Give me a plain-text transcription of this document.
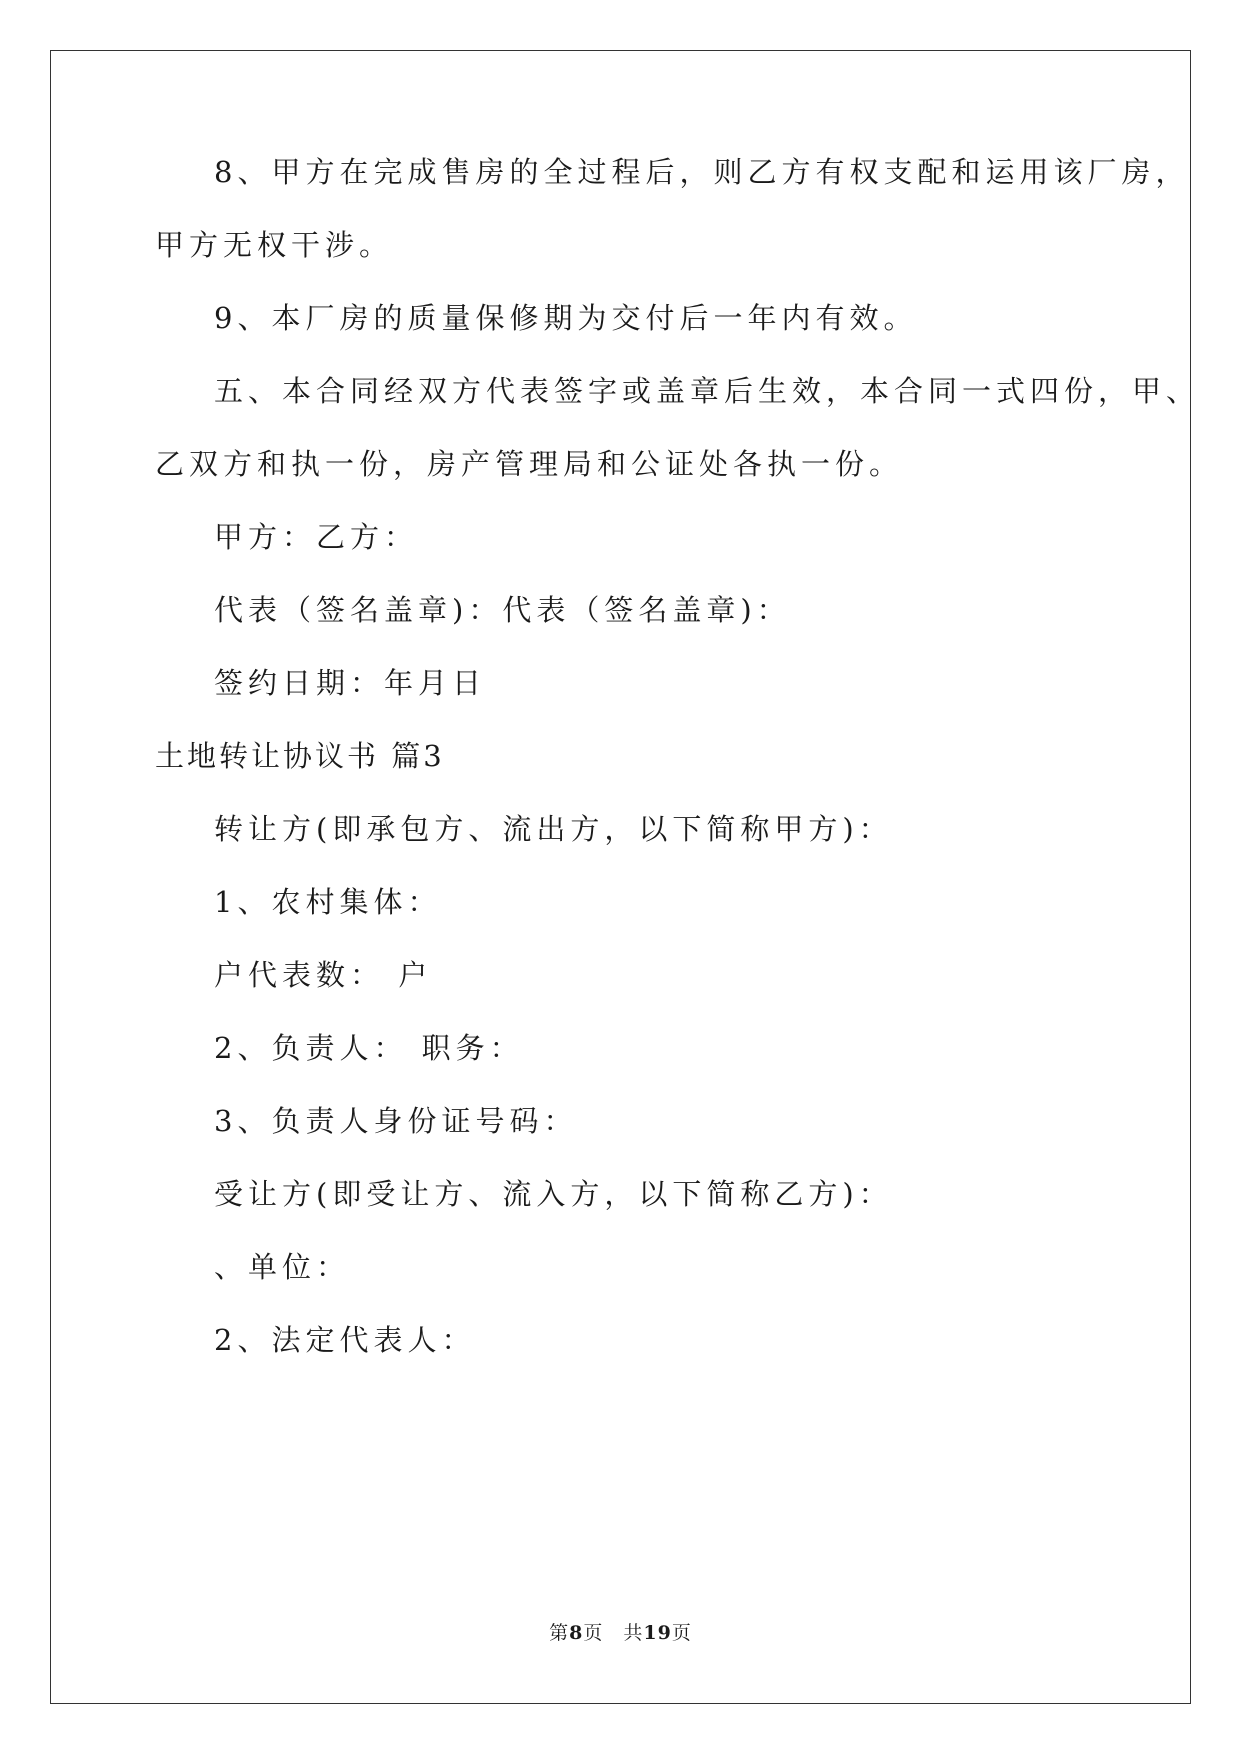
8、甲方在完成售房的全过程后，则乙方有权支配和运用该厂房，
甲方无权干涉。
9、本厂房的质量保修期为交付后一年内有效。
五、本合同经双方代表签字或盖章后生效，本合同一式四份，甲、
乙双方和执一份，房产管理局和公证处各执一份。
甲方：乙方：
代表（签名盖章)：代表（签名盖章)：
签约日期：年月日
土地转让协议书 篇3
转让方(即承包方、流出方，以下简称甲方)：
1、农村集体：
户代表数： 户
2、负责人： 职务：
3、负责人身份证号码：
受让方(即受让方、流入方，以下简称乙方)：
、单位：
2、法定代表人：
第8页 共19页
